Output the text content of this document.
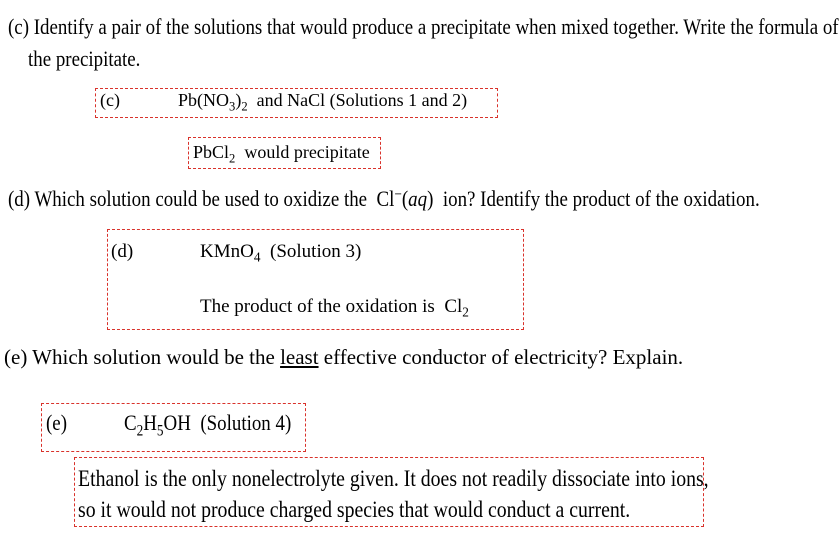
(c) Identify a pair of the solutions that would produce a precipitate when mixed together. Write the formula of
the precipitate.
(c)	$Pb(NO_3)_2$ and NaCl (Solutions 1 and 2)
PbCl$_2$ would precipitate
(d) Which solution could be used to oxidize the Cl−(aq) ion? Identify the product of the oxidation.
(d)	KMnO$_4$ (Solution 3)
The product of the oxidation is $Cl_2$
(e) Which solution would be the least effective conductor of electricity? Explain.
(e)	$C_2H_5OH$ (Solution 4)
Ethanol is the only nonelectrolyte given. It does not readily dissociate into ions,
so it would not produce charged species that would conduct a current.
